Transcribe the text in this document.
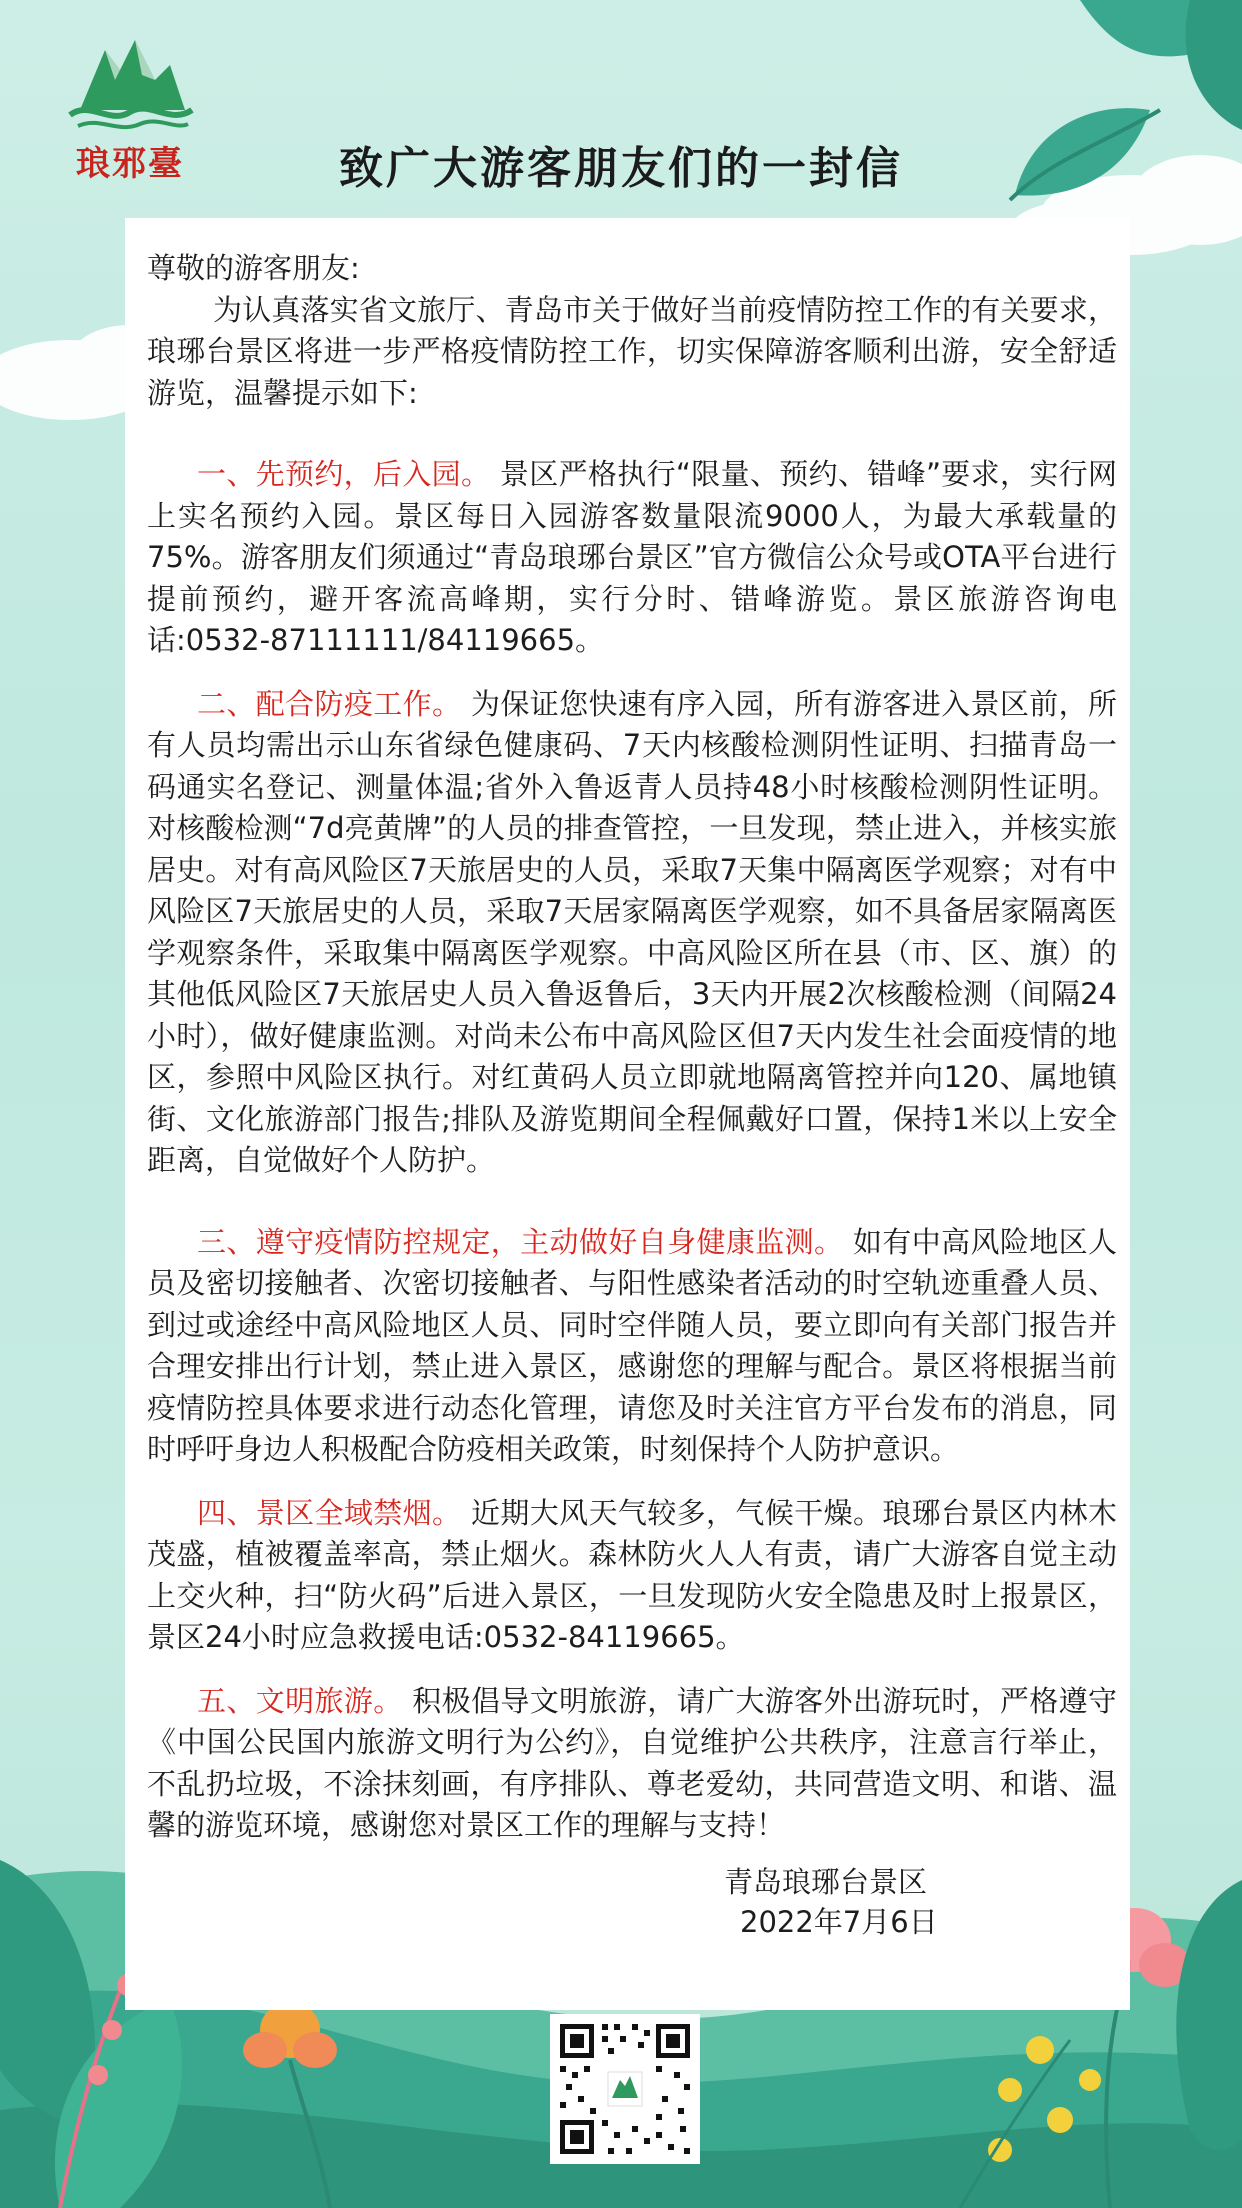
琅邪臺	致广大游客朋友们的一封信

尊敬的游客朋友:

为认真落实省文旅厅、青岛市关于做好当前疫情防控工作的有关要求，琅琊台景区将进一步严格疫情防控工作，切实保障游客顺利出游，安全舒适游览，温馨提示如下:

一、先预约，后入园。 景区严格执行“限量、预约、错峰”要求，实行网上实名预约入园。景区每日入园游客数量限流9000人，为最大承载量的75%。游客朋友们须通过“青岛琅琊台景区”官方微信公众号或OTA平台进行提前预约，避开客流高峰期，实行分时、错峰游览。景区旅游咨询电话:0532-87111111/84119665。

二、配合防疫工作。 为保证您快速有序入园，所有游客进入景区前，所有人员均需出示山东省绿色健康码、7天内核酸检测阴性证明、扫描青岛一码通实名登记、测量体温;省外入鲁返青人员持48小时核酸检测阴性证明。对核酸检测“7d亮黄牌”的人员的排查管控，一旦发现，禁止进入，并核实旅居史。对有高风险区7天旅居史的人员，采取7天集中隔离医学观察；对有中风险区7天旅居史的人员，采取7天居家隔离医学观察，如不具备居家隔离医学观察条件，采取集中隔离医学观察。中高风险区所在县（市、区、旗）的其他低风险区7天旅居史人员入鲁返鲁后，3天内开展2次核酸检测（间隔24小时），做好健康监测。对尚未公布中高风险区但7天内发生社会面疫情的地区，参照中风险区执行。对红黄码人员立即就地隔离管控并向120、属地镇街、文化旅游部门报告;排队及游览期间全程佩戴好口置，保持1米以上安全距离，自觉做好个人防护。

三、遵守疫情防控规定，主动做好自身健康监测。 如有中高风险地区人员及密切接触者、次密切接触者、与阳性感染者活动的时空轨迹重叠人员、到过或途经中高风险地区人员、同时空伴随人员，要立即向有关部门报告并合理安排出行计划，禁止进入景区，感谢您的理解与配合。景区将根据当前疫情防控具体要求进行动态化管理，请您及时关注官方平台发布的消息，同时呼吁身边人积极配合防疫相关政策，时刻保持个人防护意识。

四、景区全域禁烟。 近期大风天气较多，气候干燥。琅琊台景区内林木茂盛，植被覆盖率高，禁止烟火。森林防火人人有责，请广大游客自觉主动上交火种，扫“防火码”后进入景区，一旦发现防火安全隐患及时上报景区，景区24小时应急救援电话:0532-84119665。

五、文明旅游。 积极倡导文明旅游，请广大游客外出游玩时，严格遵守《中国公民国内旅游文明行为公约》，自觉维护公共秩序，注意言行举止，不乱扔垃圾，不涂抹刻画，有序排队、尊老爱幼，共同营造文明、和谐、温馨的游览环境，感谢您对景区工作的理解与支持！

青岛琅琊台景区
2022年7月6日
